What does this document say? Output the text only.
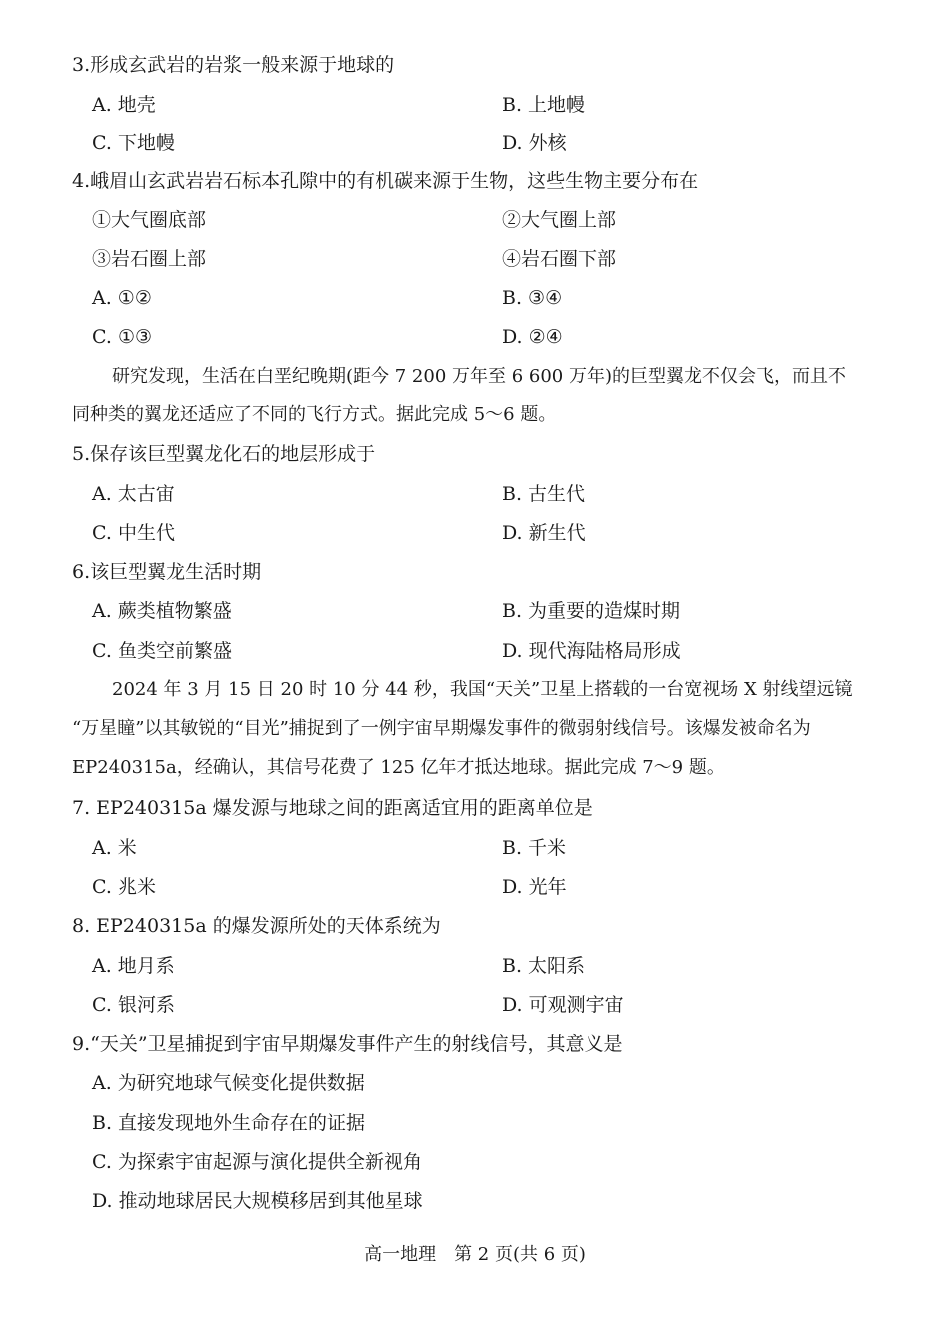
3.形成玄武岩的岩浆一般来源于地球的
A. 地壳	B. 上地幔
C. 下地幔	D. 外核
4.峨眉山玄武岩岩石标本孔隙中的有机碳来源于生物，这些生物主要分布在
①大气圈底部	②大气圈上部
③岩石圈上部	④岩石圈下部
A. ①②	B. ③④
C. ①③	D. ②④
研究发现，生活在白垩纪晚期(距今 7 200 万年至 6 600 万年)的巨型翼龙不仅会飞，而且不
同种类的翼龙还适应了不同的飞行方式。据此完成 5～6 题。
5.保存该巨型翼龙化石的地层形成于
A. 太古宙	B. 古生代
C. 中生代	D. 新生代
6.该巨型翼龙生活时期
A. 蕨类植物繁盛	B. 为重要的造煤时期
C. 鱼类空前繁盛	D. 现代海陆格局形成
2024 年 3 月 15 日 20 时 10 分 44 秒，我国“天关”卫星上搭载的一台宽视场 X 射线望远镜
“万星瞳”以其敏锐的“目光”捕捉到了一例宇宙早期爆发事件的微弱射线信号。该爆发被命名为
EP240315a，经确认，其信号花费了 125 亿年才抵达地球。据此完成 7～9 题。
7. EP240315a 爆发源与地球之间的距离适宜用的距离单位是
A. 米	B. 千米
C. 兆米	D. 光年
8. EP240315a 的爆发源所处的天体系统为
A. 地月系	B. 太阳系
C. 银河系	D. 可观测宇宙
9.“天关”卫星捕捉到宇宙早期爆发事件产生的射线信号，其意义是
A. 为研究地球气候变化提供数据
B. 直接发现地外生命存在的证据
C. 为探索宇宙起源与演化提供全新视角
D. 推动地球居民大规模移居到其他星球
高一地理　第 2 页(共 6 页)
